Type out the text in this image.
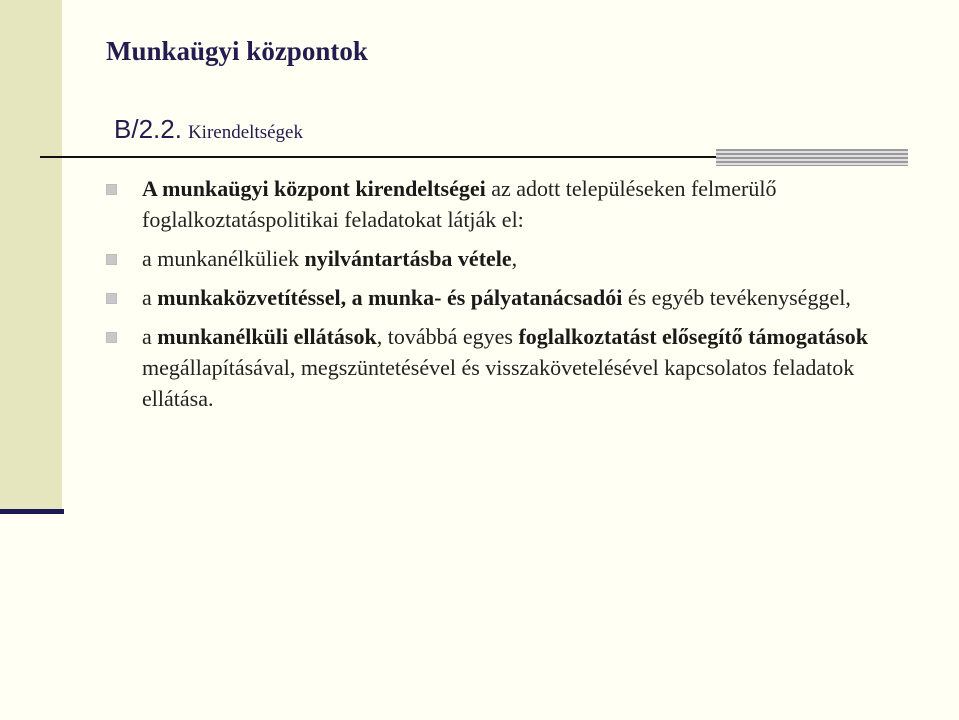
Munkaügyi központok
B/2.2. Kirendeltségek
A munkaügyi központ kirendeltségei az adott településeken felmerülő foglalkoztatáspolitikai feladatokat látják el:
a munkanélküliek nyilvántartásba vétele,
a munkaközvetítéssel, a munka- és pályatanácsadói és egyéb tevékenységgel,
a munkanélküli ellátások, továbbá egyes foglalkoztatást elősegítő támogatások megállapításával, megszüntetésével és visszakövetelésével kapcsolatos feladatok ellátása.
